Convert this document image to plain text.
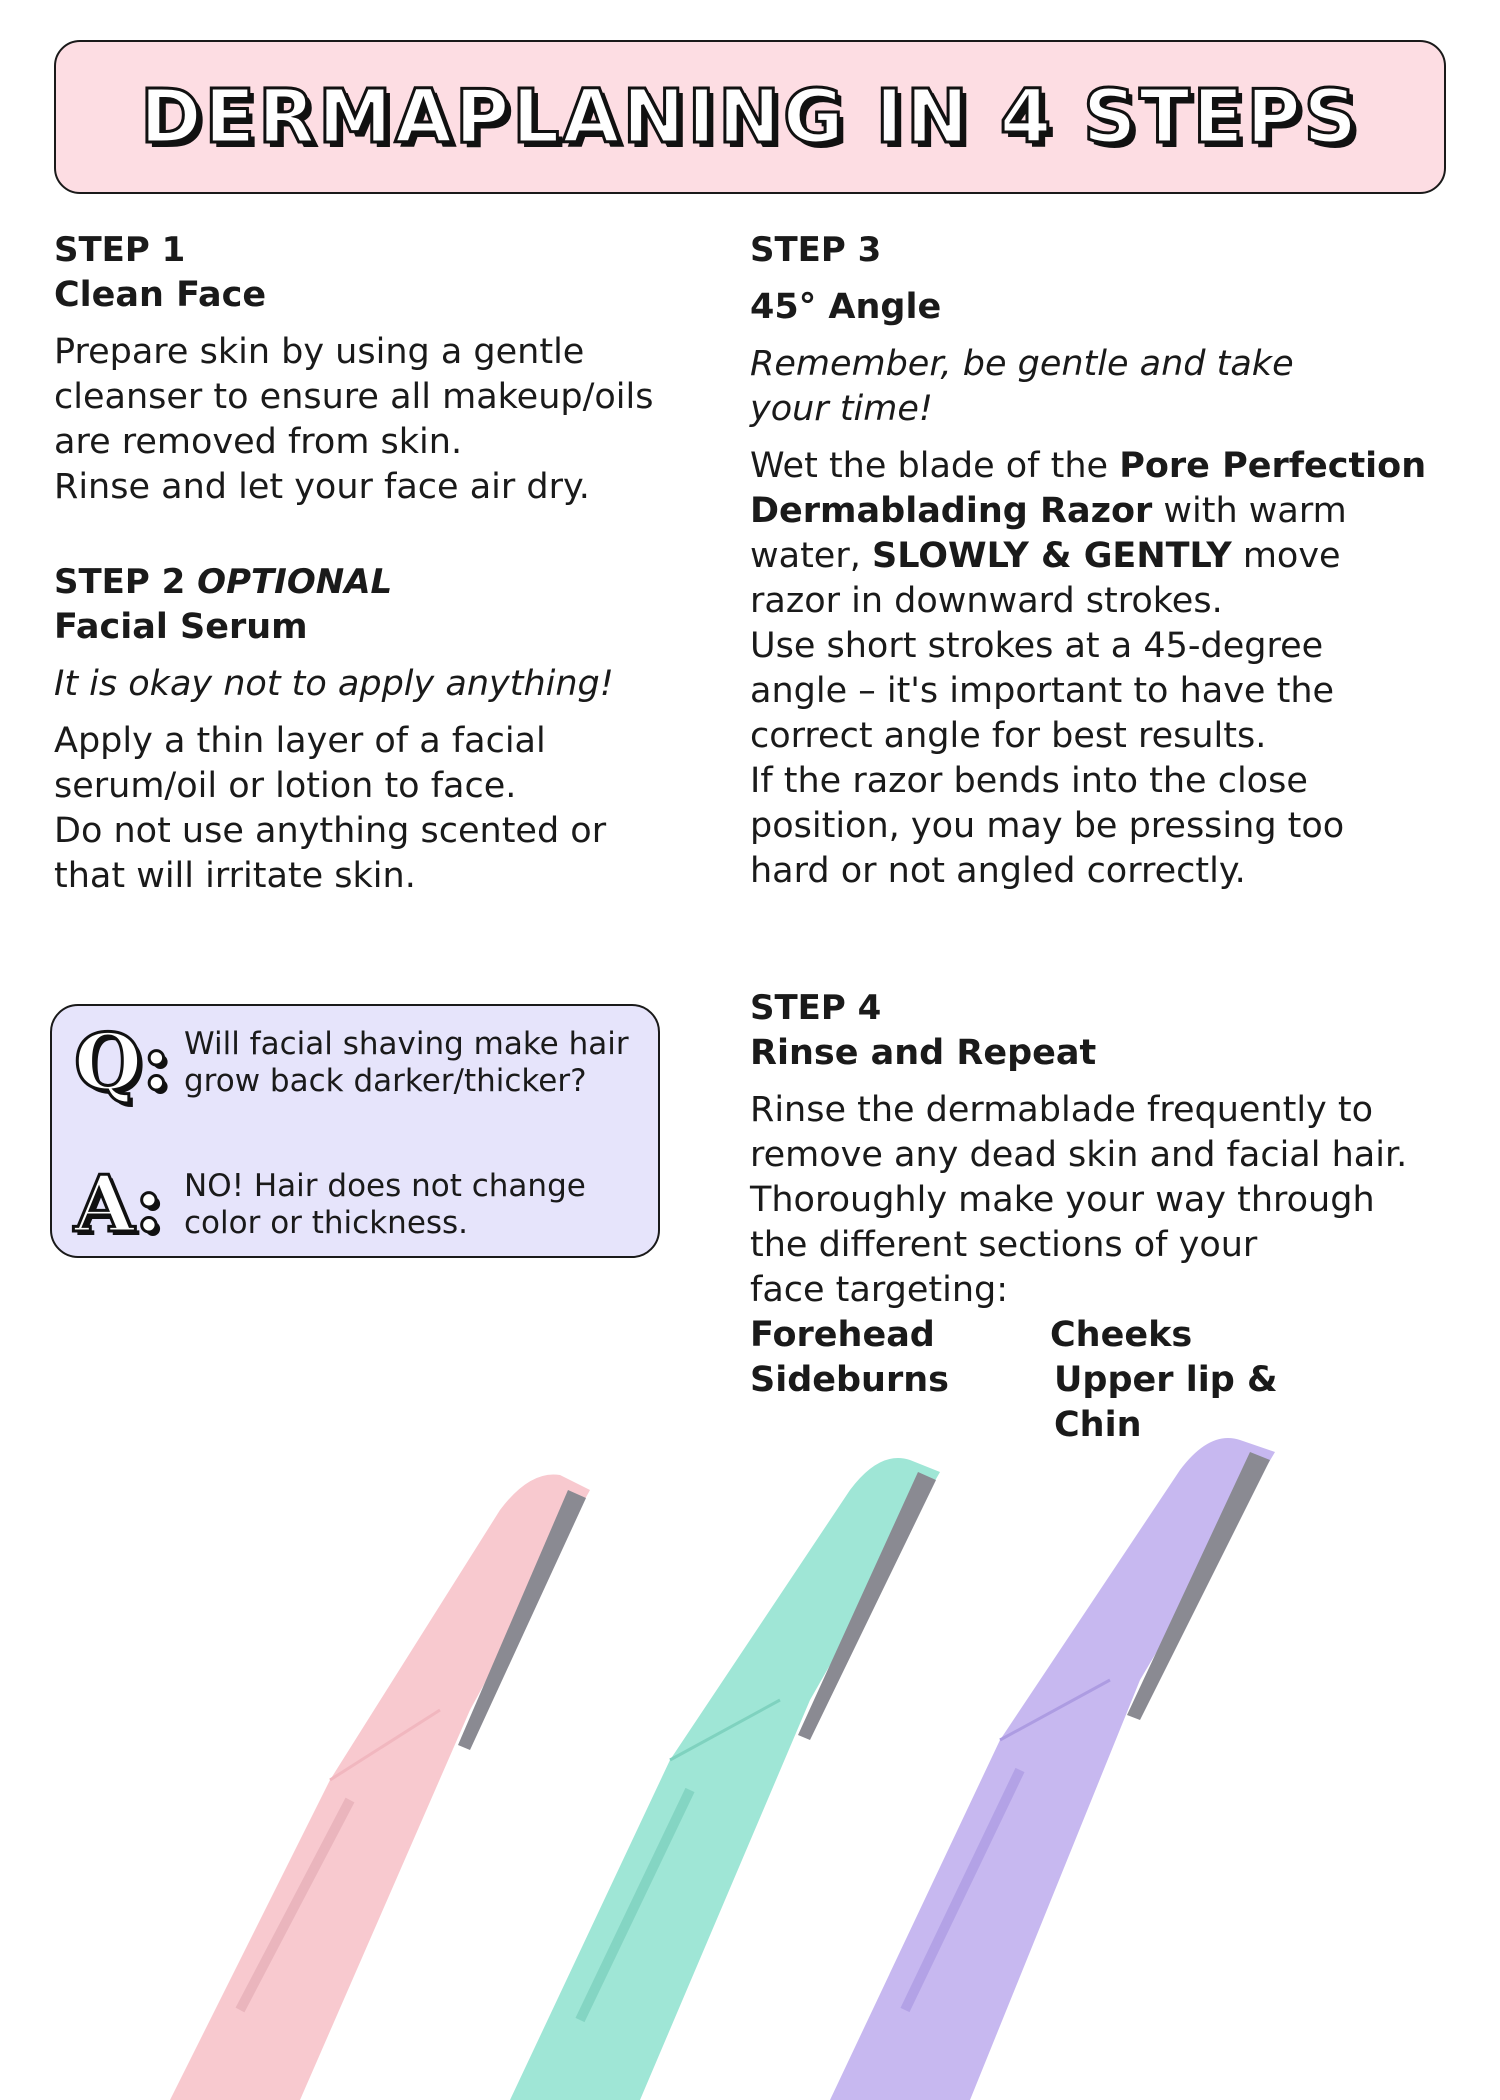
DERMAPLANING IN 4 STEPS
STEP 1
Clean Face
Prepare skin by using a gentle
cleanser to ensure all makeup/oils
are removed from skin.
Rinse and let your face air dry.
STEP 2 OPTIONAL
Facial Serum
It is okay not to apply anything!
Apply a thin layer of a facial
serum/oil or lotion to face.
Do not use anything scented or
that will irritate skin.
STEP 3
45° Angle
Remember, be gentle and take
your time!
Wet the blade of the Pore Perfection
Dermablading Razor with warm
water, SLOWLY & GENTLY move
razor in downward strokes.
Use short strokes at a 45-degree
angle – it's important to have the
correct angle for best results.
If the razor bends into the close
position, you may be pressing too
hard or not angled correctly.
STEP 4
Rinse and Repeat
Rinse the dermablade frequently to
remove any dead skin and facial hair.
Thoroughly make your way through
the different sections of your
face targeting:
Forehead	Cheeks
Sideburns	Upper lip & Chin
Q: Will facial shaving make hair
grow back darker/thicker?
A: NO! Hair does not change
color or thickness.
